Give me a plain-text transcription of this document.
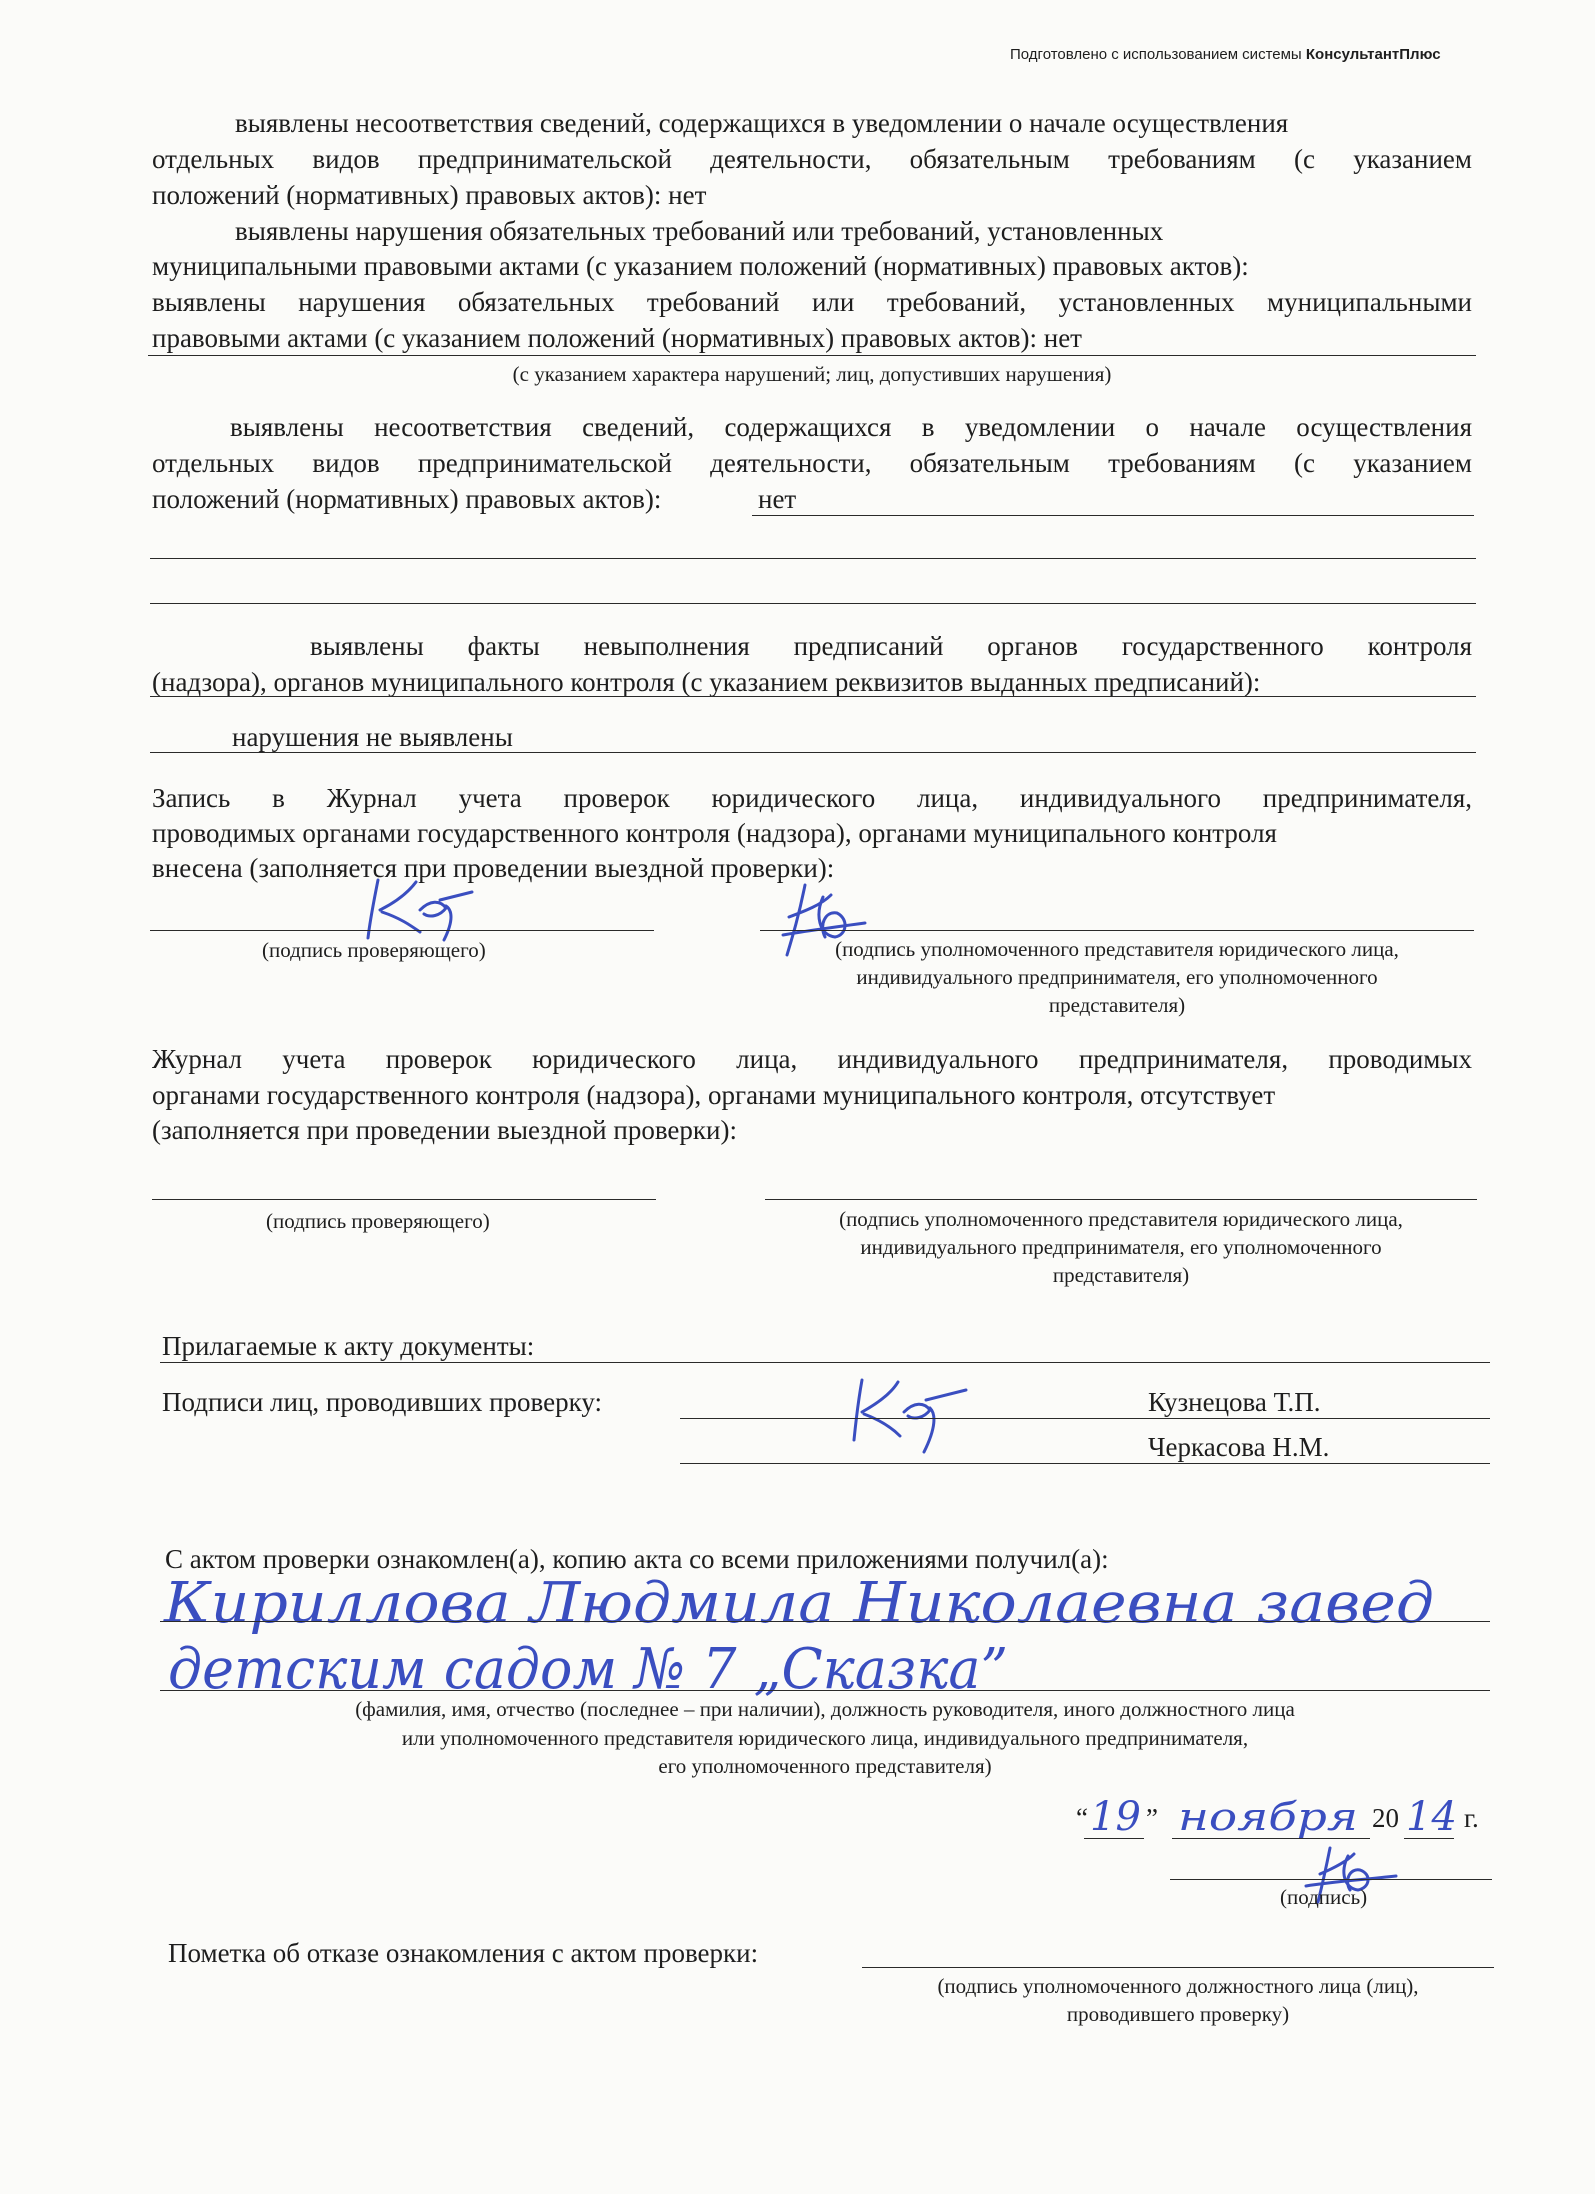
Подготовлено с использованием системы КонсультантПлюс
выявлены несоответствия сведений, содержащихся в уведомлении о начале осуществления
отдельных видов предпринимательской деятельности, обязательным требованиям (с указанием
положений (нормативных) правовых актов): нет
выявлены нарушения обязательных требований или требований, установленных
муниципальными правовыми актами (с указанием положений (нормативных) правовых актов):
выявлены нарушения обязательных требований или требований, установленных муниципальными
правовыми актами (с указанием положений (нормативных) правовых актов): нет
(с указанием характера нарушений; лиц, допустивших нарушения)
выявлены несоответствия сведений, содержащихся в уведомлении о начале осуществления
отдельных видов предпринимательской деятельности, обязательным требованиям (с указанием
положений (нормативных) правовых актов):	нет
выявлены факты невыполнения предписаний органов государственного контроля
(надзора), органов муниципального контроля (с указанием реквизитов выданных предписаний):
нарушения не выявлены
Запись в Журнал учета проверок юридического лица, индивидуального предпринимателя,
проводимых органами государственного контроля (надзора), органами муниципального контроля
внесена (заполняется при проведении выездной проверки):
(подпись проверяющего)	(подпись уполномоченного представителя юридического лица,
индивидуального предпринимателя, его уполномоченного
представителя)
Журнал учета проверок юридического лица, индивидуального предпринимателя, проводимых
органами государственного контроля (надзора), органами муниципального контроля, отсутствует
(заполняется при проведении выездной проверки):
(подпись проверяющего)	(подпись уполномоченного представителя юридического лица,
индивидуального предпринимателя, его уполномоченного
представителя)
Прилагаемые к акту документы:
Подписи лиц, проводивших проверку:	Кузнецова Т.П.
Черкасова Н.М.
С актом проверки ознакомлен(а), копию акта со всеми приложениями получил(а):
Кириллова Людмила Николаевна завед
детским садом № 7 „Сказка”
(фамилия, имя, отчество (последнее – при наличии), должность руководителя, иного должностного лица
или уполномоченного представителя юридического лица, индивидуального предпринимателя,
его уполномоченного представителя)
“ 19 ” ноября 20 14 г.
(подпись)
Пометка об отказе ознакомления с актом проверки:
(подпись уполномоченного должностного лица (лиц),
проводившего проверку)
